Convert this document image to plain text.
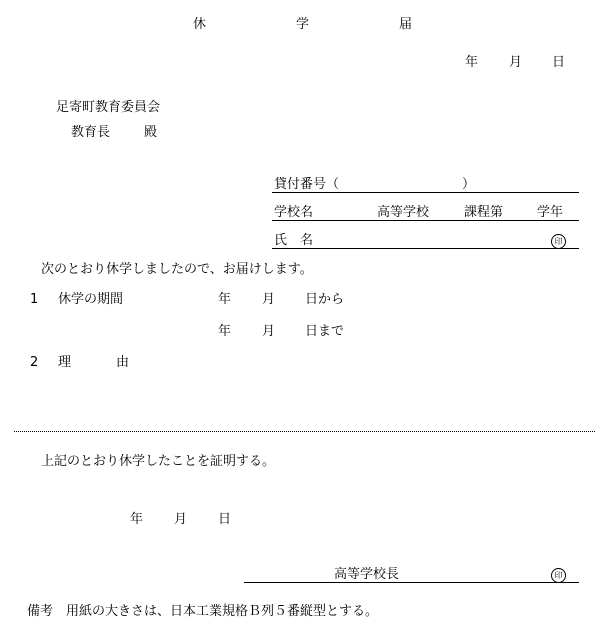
休	学	届
年 月 日
足寄町教育委員会
教育長	殿
貸付番号（	）
学校名	高等学校	課程第	学年
氏　名	印
次のとおり休学しましたので、お届けします。
1 休学の期間	年 月 日から
年 月 日まで
2 理	由
上記のとおり休学したことを証明する。
年 月 日
高等学校長	印
備考　用紙の大きさは、日本工業規格Ｂ列５番縦型とする。
